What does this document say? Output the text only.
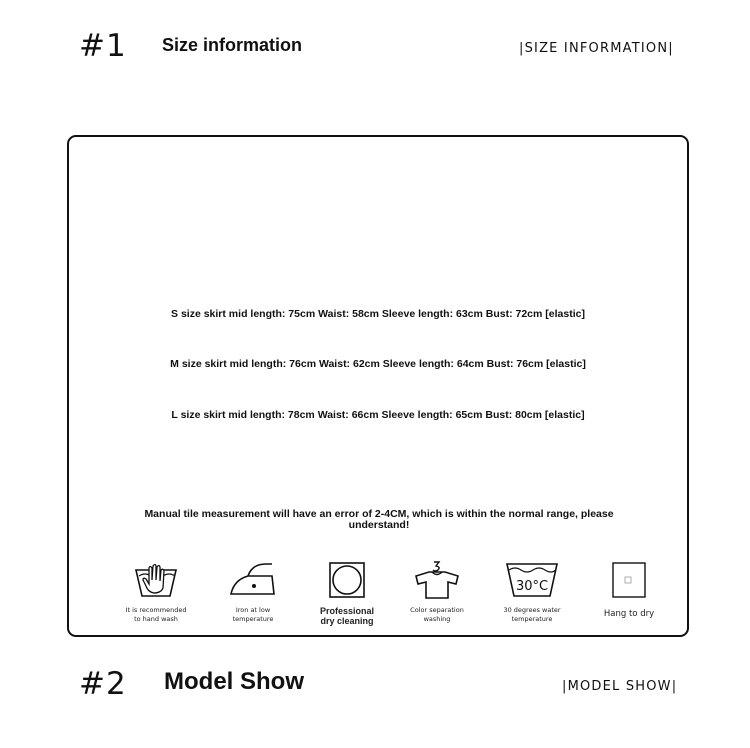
#1 Size information	|SIZE INFORMATION|
S size skirt mid length: 75cm Waist: 58cm Sleeve length: 63cm Bust: 72cm [elastic]
M size skirt mid length: 76cm Waist: 62cm Sleeve length: 64cm Bust: 76cm [elastic]
L size skirt mid length: 78cm Waist: 66cm Sleeve length: 65cm Bust: 80cm [elastic]
Manual tile measurement will have an error of 2-4CM, which is within the normal range, please understand!
It is recommended
to hand wash
Iron at low
temperature
Professional
dry cleaning
Color separation
washing
30°C
30 degrees water
temperature	Hang to dry
#2 Model Show	|MODEL SHOW|
